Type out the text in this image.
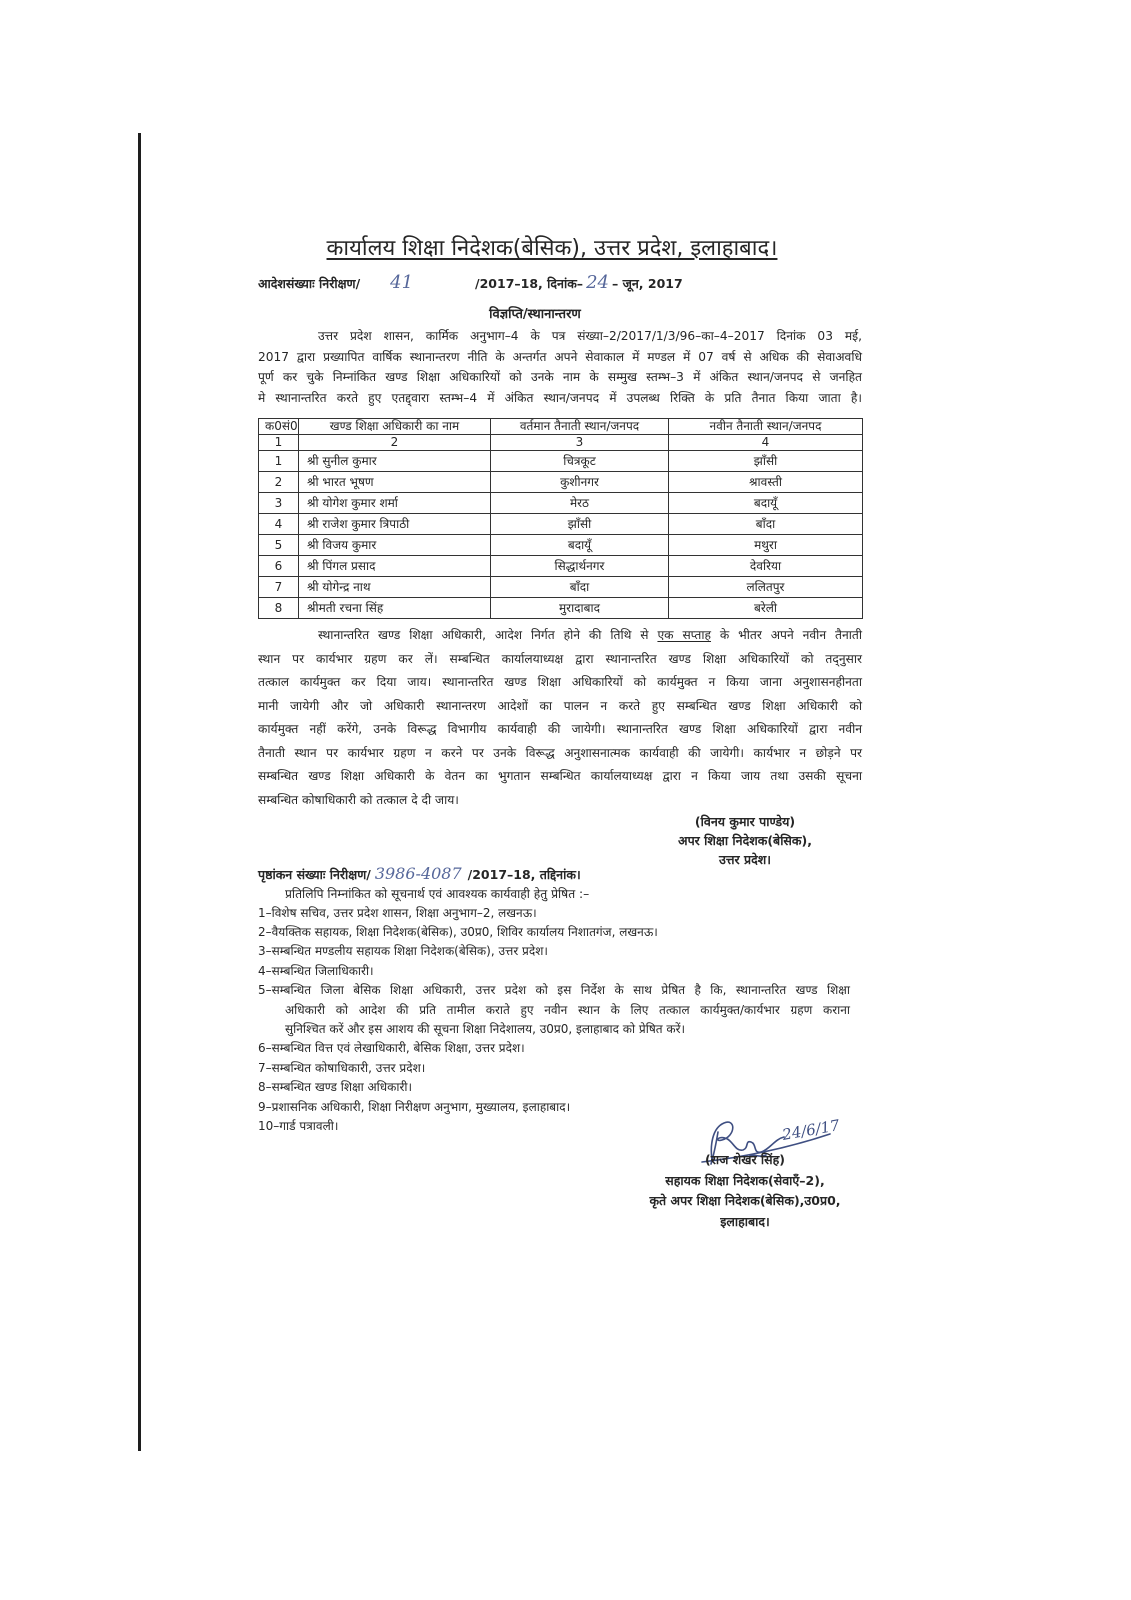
कार्यालय शिक्षा निदेशक(बेसिक), उत्तर प्रदेश, इलाहाबाद।
आदेशसंख्याः निरीक्षण/ 41	/2017–18, दिनांक– 24 – जून, 2017
विज्ञप्ति/स्थानान्तरण
उत्तर प्रदेश शासन, कार्मिक अनुभाग–4 के पत्र संख्या–2/2017/1/3/96–का–4–2017 दिनांक 03 मई,
2017 द्वारा प्रख्यापित वार्षिक स्थानान्तरण नीति के अन्तर्गत अपने सेवाकाल में मण्डल में 07 वर्ष से अधिक की सेवाअवधि
पूर्ण कर चुके निम्नांकित खण्ड शिक्षा अधिकारियों को उनके नाम के सम्मुख स्तम्भ–3 में अंकित स्थान/जनपद से जनहित
मे स्थानान्तरित करते हुए एतद्द्वारा स्तम्भ–4 में अंकित स्थान/जनपद में उपलब्ध रिक्ति के प्रति तैनात किया जाता है।
क0सं0	खण्ड शिक्षा अधिकारी का नाम	वर्तमान तैनाती स्थान/जनपद	नवीन तैनाती स्थान/जनपद
1	2	3	4
1	श्री सुनील कुमार	चित्रकूट	झाँसी
2	श्री भारत भूषण	कुशीनगर	श्रावस्ती
3	श्री योगेश कुमार शर्मा	मेरठ	बदायूँ
4	श्री राजेश कुमार त्रिपाठी	झाँसी	बाँदा
5	श्री विजय कुमार	बदायूँ	मथुरा
6	श्री पिंगल प्रसाद	सिद्धार्थनगर	देवरिया
7	श्री योगेन्द्र नाथ	बाँदा	ललितपुर
8	श्रीमती रचना सिंह	मुरादाबाद	बरेली
स्थानान्तरित खण्ड शिक्षा अधिकारी, आदेश निर्गत होने की तिथि से एक सप्ताह के भीतर अपने नवीन तैनाती
स्थान पर कार्यभार ग्रहण कर लें। सम्बन्धित कार्यालयाध्यक्ष द्वारा स्थानान्तरित खण्ड शिक्षा अधिकारियों को तद्नुसार
तत्काल कार्यमुक्त कर दिया जाय। स्थानान्तरित खण्ड शिक्षा अधिकारियों को कार्यमुक्त न किया जाना अनुशासनहीनता
मानी जायेगी और जो अधिकारी स्थानान्तरण आदेशों का पालन न करते हुए सम्बन्धित खण्ड शिक्षा अधिकारी को
कार्यमुक्त नहीं करेंगे, उनके विरूद्ध विभागीय कार्यवाही की जायेगी। स्थानान्तरित खण्ड शिक्षा अधिकारियों द्वारा नवीन
तैनाती स्थान पर कार्यभार ग्रहण न करने पर उनके विरूद्ध अनुशासनात्मक कार्यवाही की जायेगी। कार्यभार न छोड़ने पर
सम्बन्धित खण्ड शिक्षा अधिकारी के वेतन का भुगतान सम्बन्धित कार्यालयाध्यक्ष द्वारा न किया जाय तथा उसकी सूचना
सम्बन्धित कोषाधिकारी को तत्काल दे दी जाय।
(विनय कुमार पाण्डेय)
अपर शिक्षा निदेशक(बेसिक),
उत्तर प्रदेश।
पृष्ठांकन संख्याः निरीक्षण/ 3986-4087 /2017–18, तद्दिनांक।
प्रतिलिपि निम्नांकित को सूचनार्थ एवं आवश्यक कार्यवाही हेतु प्रेषित :–
1–विशेष सचिव, उत्तर प्रदेश शासन, शिक्षा अनुभाग–2, लखनऊ।
2–वैयक्तिक सहायक, शिक्षा निदेशक(बेसिक), उ0प्र0, शिविर कार्यालय निशातगंज, लखनऊ।
3–सम्बन्धित मण्डलीय सहायक शिक्षा निदेशक(बेसिक), उत्तर प्रदेश।
4–सम्बन्धित जिलाधिकारी।
5–सम्बन्धित जिला बेसिक शिक्षा अधिकारी, उत्तर प्रदेश को इस निर्देश के साथ प्रेषित है कि, स्थानान्तरित खण्ड शिक्षा
अधिकारी को आदेश की प्रति तामील कराते हुए नवीन स्थान के लिए तत्काल कार्यमुक्त/कार्यभार ग्रहण कराना
सुनिश्चित करें और इस आशय की सूचना शिक्षा निदेशालय, उ0प्र0, इलाहाबाद को प्रेषित करें।
6–सम्बन्धित वित्त एवं लेखाधिकारी, बेसिक शिक्षा, उत्तर प्रदेश।
7–सम्बन्धित कोषाधिकारी, उत्तर प्रदेश।
8–सम्बन्धित खण्ड शिक्षा अधिकारी।
9–प्रशासनिक अधिकारी, शिक्षा निरीक्षण अनुभाग, मुख्यालय, इलाहाबाद।
10–गार्ड पत्रावली।	24/6/17
(राज शेखर सिंह)
सहायक शिक्षा निदेशक(सेवाएँ–2),
कृते अपर शिक्षा निदेशक(बेसिक),उ0प्र0,
इलाहाबाद।
